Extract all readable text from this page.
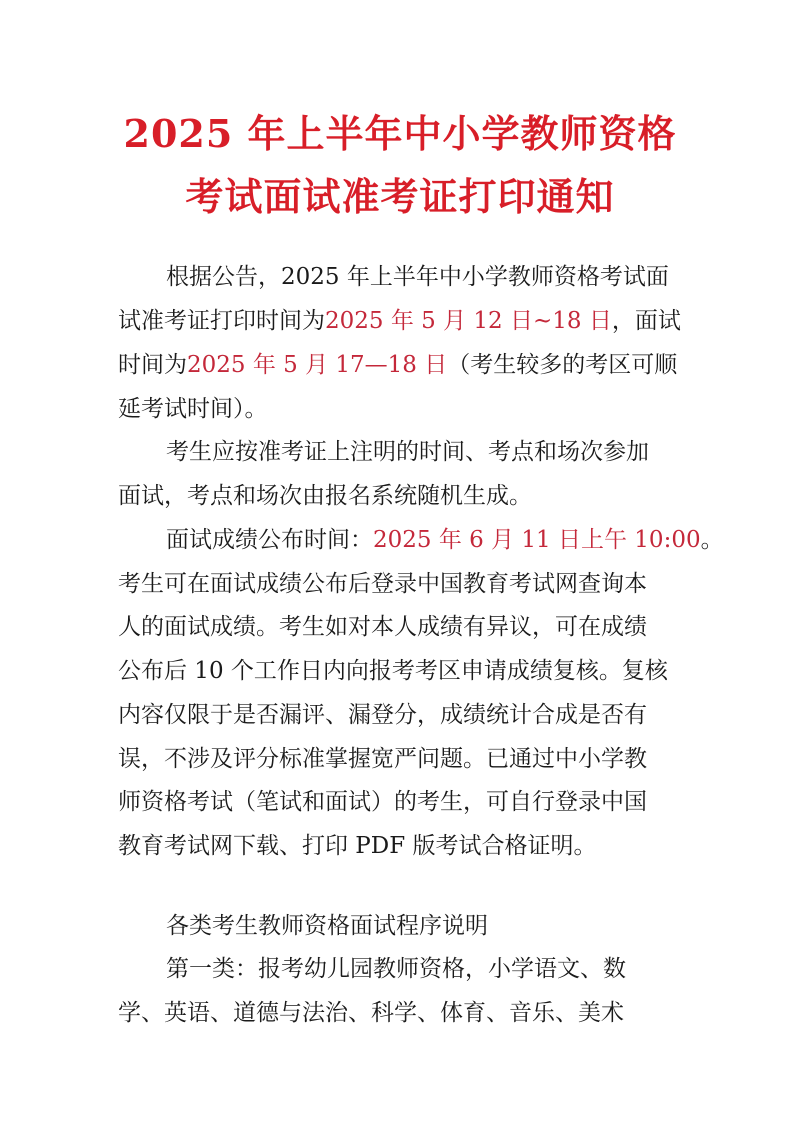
2025 年上半年中小学教师资格
考试面试准考证打印通知
根据公告，2025 年上半年中小学教师资格考试面
试准考证打印时间为2025 年 5 月 12 日~18 日，面试
时间为2025 年 5 月 17—18 日（考生较多的考区可顺
延考试时间）。
考生应按准考证上注明的时间、考点和场次参加
面试，考点和场次由报名系统随机生成。
面试成绩公布时间：2025 年 6 月 11 日上午 10:00。
考生可在面试成绩公布后登录中国教育考试网查询本
人的面试成绩。考生如对本人成绩有异议，可在成绩
公布后 10 个工作日内向报考考区申请成绩复核。复核
内容仅限于是否漏评、漏登分，成绩统计合成是否有
误，不涉及评分标准掌握宽严问题。已通过中小学教
师资格考试（笔试和面试）的考生，可自行登录中国
教育考试网下载、打印 PDF 版考试合格证明。
各类考生教师资格面试程序说明
第一类：报考幼儿园教师资格，小学语文、数
学、英语、道德与法治、科学、体育、音乐、美术
